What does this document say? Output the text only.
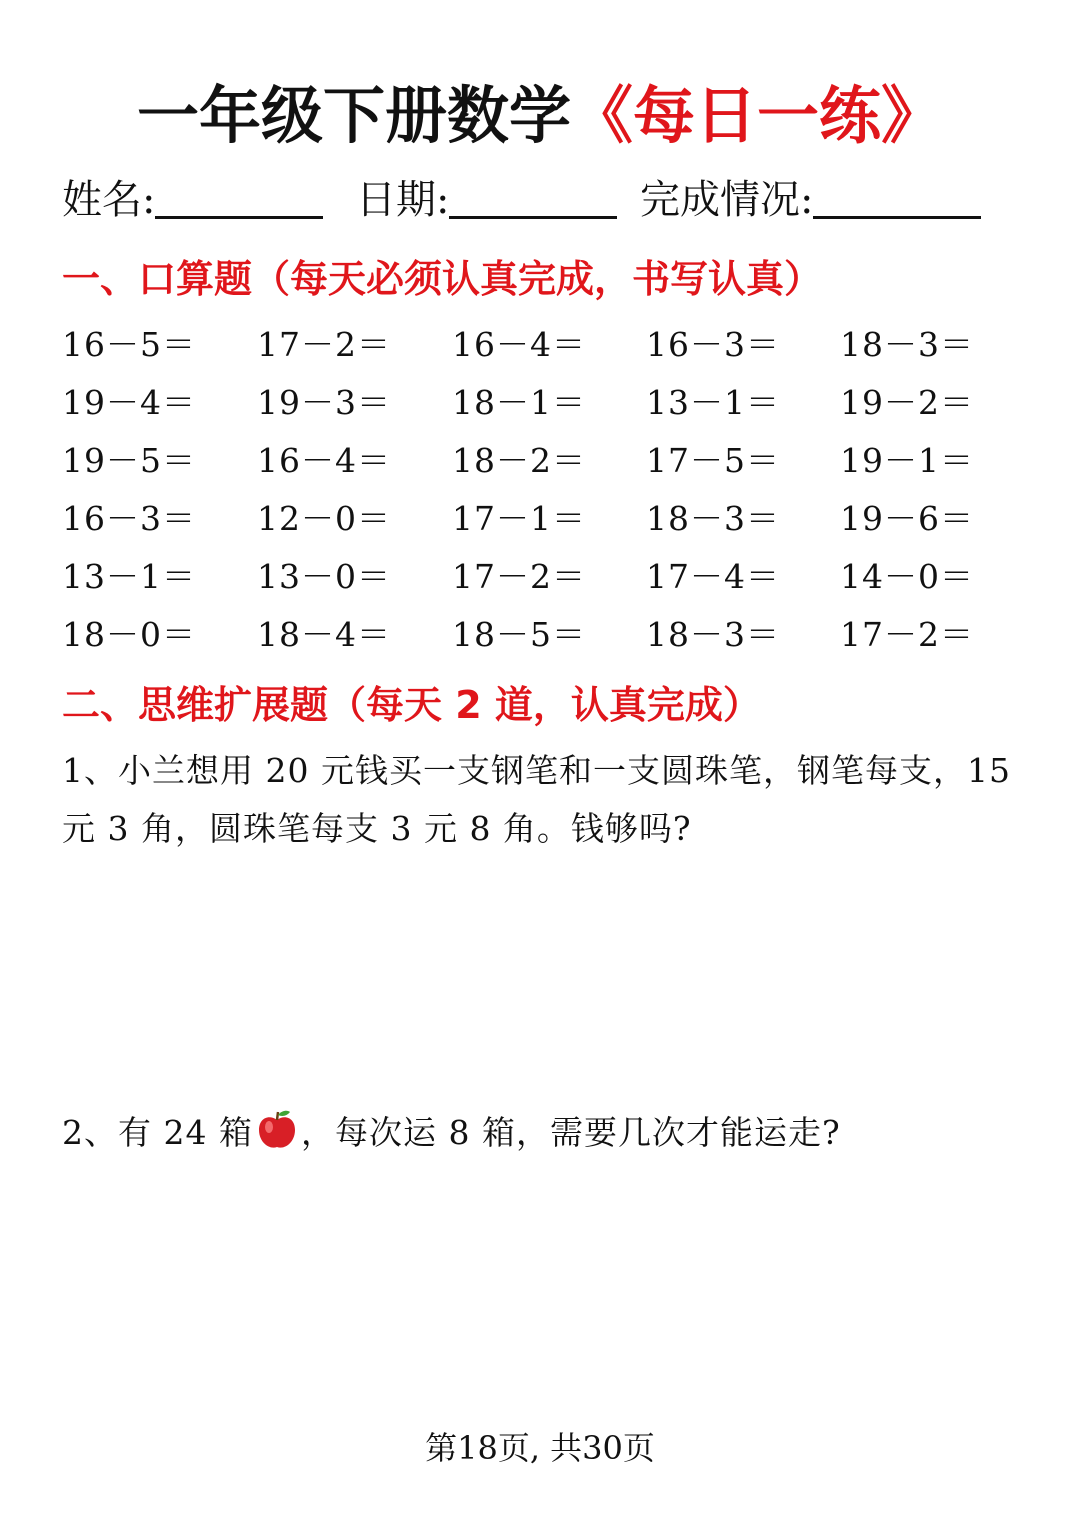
一年级下册数学《每日一练》
姓名:	日期:	完成情况:
一、口算题（每天必须认真完成，书写认真）
16－5＝ 17－2＝ 16－4＝ 16－3＝ 18－3＝
19－4＝ 19－3＝ 18－1＝ 13－1＝ 19－2＝
19－5＝ 16－4＝ 18－2＝ 17－5＝ 19－1＝
16－3＝ 12－0＝ 17－1＝ 18－3＝ 19－6＝
13－1＝ 13－0＝ 17－2＝ 17－4＝ 14－0＝
18－0＝ 18－4＝ 18－5＝ 18－3＝ 17－2＝
二、思维扩展题（每天 2 道，认真完成）
1、小兰想用 20 元钱买一支钢笔和一支圆珠笔，钢笔每支，15
元 3 角，圆珠笔每支 3 元 8 角。钱够吗?
2、有 24 箱 ，每次运 8 箱，需要几次才能运走?
第18页, 共30页
